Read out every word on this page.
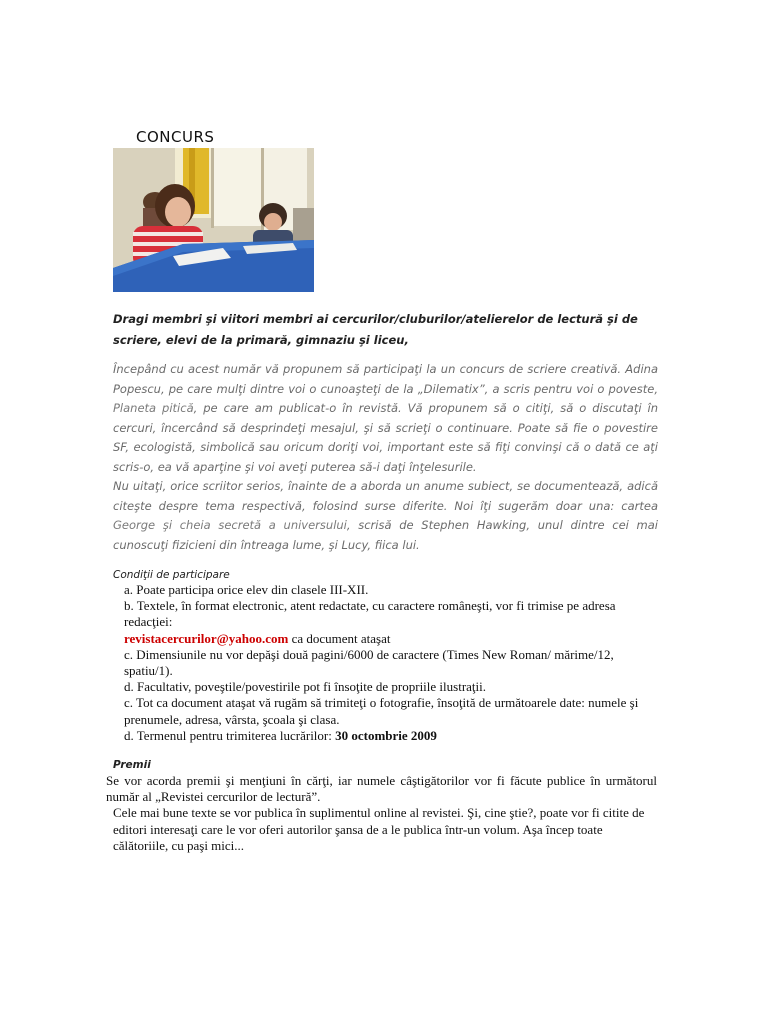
CONCURS
Dragi membri şi viitori membri ai cercurilor/cluburilor/atelierelor de lectură şi de scriere, elevi de la primară, gimnaziu şi liceu,

Începând cu acest număr vă propunem să participaţi la un concurs de scriere creativă. Adina Popescu, pe care mulţi dintre voi o cunoaşteţi de la „Dilematix”, a scris pentru voi o poveste, Planeta pitică, pe care am publicat-o în revistă. Vă propunem să o citiţi, să o discutaţi în cercuri, încercând să desprindeţi mesajul, şi să scrieţi o continuare. Poate să fie o povestire SF, ecologistă, simbolică sau oricum doriţi voi, important este să fiţi convinşi că o dată ce aţi scris-o, ea vă aparţine şi voi aveţi puterea să-i daţi înţelesurile.

Nu uitaţi, orice scriitor serios, înainte de a aborda un anume subiect, se documentează, adică citeşte despre tema respectivă, folosind surse diferite. Noi îţi sugerăm doar una: cartea George şi cheia secretă a universului, scrisă de Stephen Hawking, unul dintre cei mai cunoscuţi fizicieni din întreaga lume, şi Lucy, fiica lui.

Condiţii de participare

a. Poate participa orice elev din clasele III-XII.

b. Textele, în format electronic, atent redactate, cu caractere româneşti, vor fi trimise pe adresa redacţiei:

revistacercurilor@yahoo.com ca document ataşat

c. Dimensiunile nu vor depăşi două pagini/6000 de caractere (Times New Roman/ mărime/12, spatiu/1).

d. Facultativ, poveştile/povestirile pot fi însoţite de propriile ilustraţii.

c. Tot ca document ataşat vă rugăm să trimiteţi o fotografie, însoţită de următoarele date: numele şi prenumele, adresa, vârsta, şcoala şi clasa.

d. Termenul pentru trimiterea lucrărilor: 30 octombrie 2009

Premii
Se vor acorda premii şi menţiuni în cărţi, iar numele câştigătorilor vor fi făcute publice în următorul număr al „Revistei cercurilor de lectură”.
Cele mai bune texte se vor publica în suplimentul online al revistei. Şi, cine ştie?, poate vor fi citite de editori interesaţi care le vor oferi autorilor şansa de a le publica într-un volum. Aşa încep toate călătoriile, cu paşi mici...
